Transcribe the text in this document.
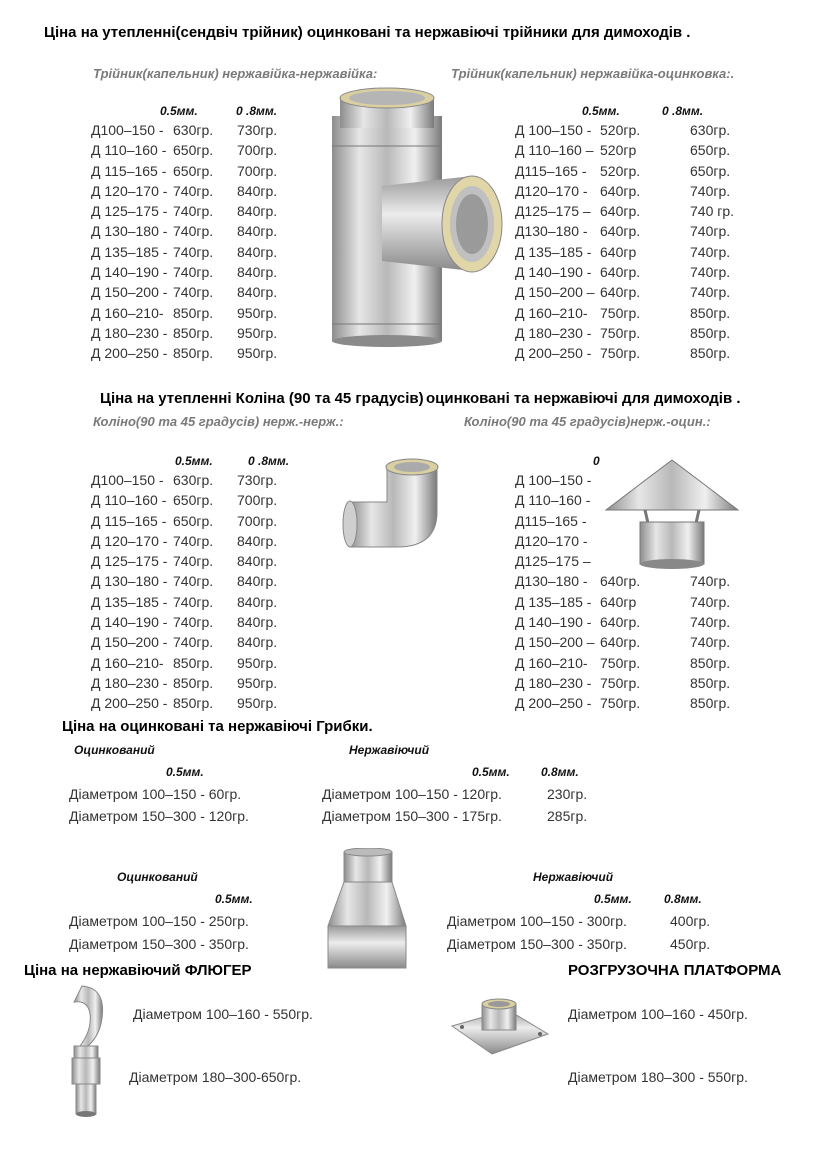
Ціна на утепленні(сендвіч трійник) оцинковані та нержавіючі трійники для димоходів .
Трійник(капельник) нержавійка-нержавійка:	Трійник(капельник) нержавійка-оцинковка:.
0.5мм.	0 .8мм.	0.5мм.	0 .8мм.
Д100–150 - 630гр. 730гр.
Д 110–160 - 650гр. 700гр.
Д 115–165 - 650гр. 700гр.
Д 120–170 - 740гр. 840гр.
Д 125–175 - 740гр. 840гр.
Д 130–180 - 740гр. 840гр.
Д 135–185 - 740гр. 840гр.
Д 140–190 - 740гр. 840гр.
Д 150–200 - 740гр. 840гр.
Д 160–210- 850гр. 950гр.
Д 180–230 - 850гр. 950гр.
Д 200–250 - 850гр. 950гр.
Д 100–150 - 520гр.	630гр.
Д 110–160 – 520гр	650гр.
Д115–165 - 520гр.	650гр.
Д120–170 - 640гр.	740гр.
Д125–175 – 640гр.	740 гр.
Д130–180 - 640гр.	740гр.
Д 135–185 - 640гр	740гр.
Д 140–190 - 640гр.	740гр.
Д 150–200 – 640гр.	740гр.
Д 160–210- 750гр.	850гр.
Д 180–230 - 750гр.	850гр.
Д 200–250 - 750гр.	850гр.
Ціна на утепленні Коліна (90 та 45 градусів) оцинковані та нержавіючі для димоходів .
Коліно(90 та 45 градусів) нерж.-нерж.:	Коліно(90 та 45 градусів)нерж.-оцин.:
0.5мм.	0 .8мм.	0
Д100–150 - 630гр. 730гр.
Д 110–160 - 650гр. 700гр.
Д 115–165 - 650гр. 700гр.
Д 120–170 - 740гр. 840гр.
Д 125–175 - 740гр. 840гр.
Д 130–180 - 740гр. 840гр.
Д 135–185 - 740гр. 840гр.
Д 140–190 - 740гр. 840гр.
Д 150–200 - 740гр. 840гр.
Д 160–210- 850гр. 950гр.
Д 180–230 - 850гр. 950гр.
Д 200–250 - 850гр. 950гр.
Д 100–150 -
Д 110–160 -
Д115–165 -
Д120–170 -
Д125–175 –
Д130–180 - 640гр.	740гр.
Д 135–185 - 640гр	740гр.
Д 140–190 - 640гр.	740гр.
Д 150–200 – 640гр.	740гр.
Д 160–210- 750гр.	850гр.
Д 180–230 - 750гр.	850гр.
Д 200–250 - 750гр.	850гр.
Ціна на оцинковані та нержавіючі Грибки.
Оцинкований	Нержавіючий
0.5мм.	0.5мм.	0.8мм.
Діаметром 100–150 - 60гр.
Діаметром 150–300 - 120гр.
Діаметром 100–150 - 120гр.	230гр.
Діаметром 150–300 - 175гр.	285гр.
Оцинкований	Нержавіючий
0.5мм.	0.5мм.	0.8мм.
Діаметром 100–150 - 250гр.
Діаметром 150–300 - 350гр.
Діаметром 100–150 - 300гр.	400гр.
Діаметром 150–300 - 350гр.	450гр.
Ціна на нержавіючий ФЛЮГЕР	РОЗГРУЗОЧНА ПЛАТФОРМА
Діаметром 100–160 - 550гр.
Діаметром 180–300-650гр.
Діаметром 100–160 - 450гр.
Діаметром 180–300 - 550гр.
